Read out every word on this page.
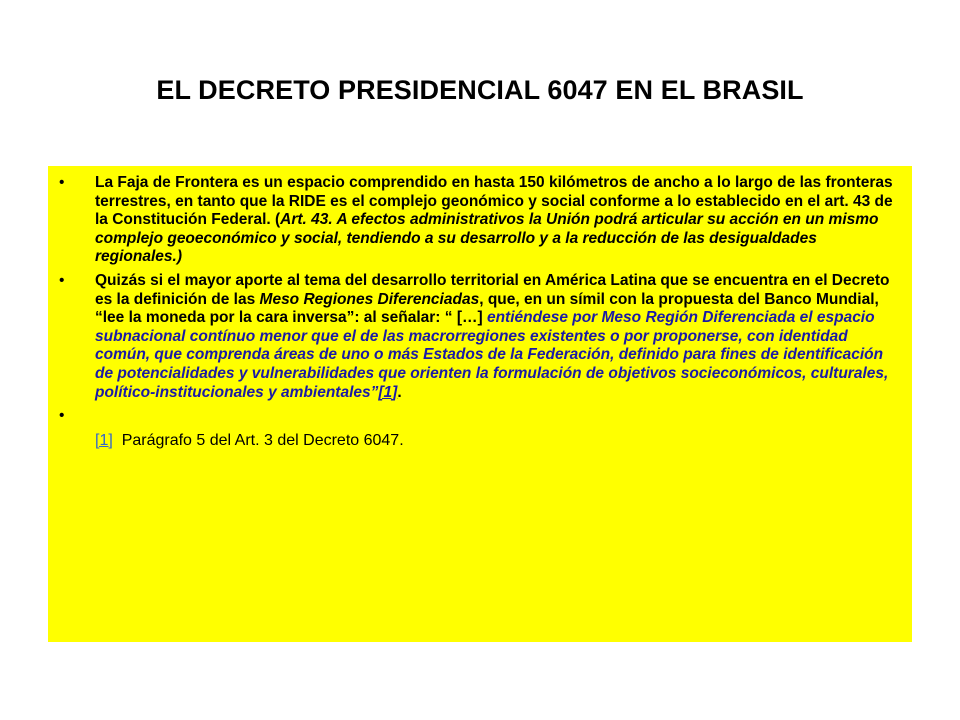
EL DECRETO PRESIDENCIAL 6047 EN EL BRASIL
• La Faja de Frontera es un espacio comprendido en hasta 150 kilómetros de ancho a lo largo de las fronteras terrestres, en tanto que la RIDE es el complejo geonómico y social conforme a lo establecido en el art. 43 de la Constitución Federal. (Art. 43. A efectos administrativos la Unión podrá articular su acción en un mismo complejo geoeconómico y social, tendiendo a su desarrollo y a la reducción de las desigualdades regionales.)
• Quizás si el mayor aporte al tema del desarrollo territorial en América Latina que se encuentra en el Decreto es la definición de las Meso Regiones Diferenciadas, que, en un símil con la propuesta del Banco Mundial, “lee la moneda por la cara inversa”: al señalar: “ […] entiéndese por Meso Región Diferenciada el espacio subnacional contínuo menor que el de las macrorregiones existentes o por proponerse, con identidad común, que comprenda áreas de uno o más Estados de la Federación, definido para fines de identificación de potencialidades y vulnerabilidades que orienten la formulación de objetivos socieconómicos, culturales, político-institucionales y ambientales”[1].
•
[1]  Parágrafo 5 del Art. 3 del Decreto 6047.
